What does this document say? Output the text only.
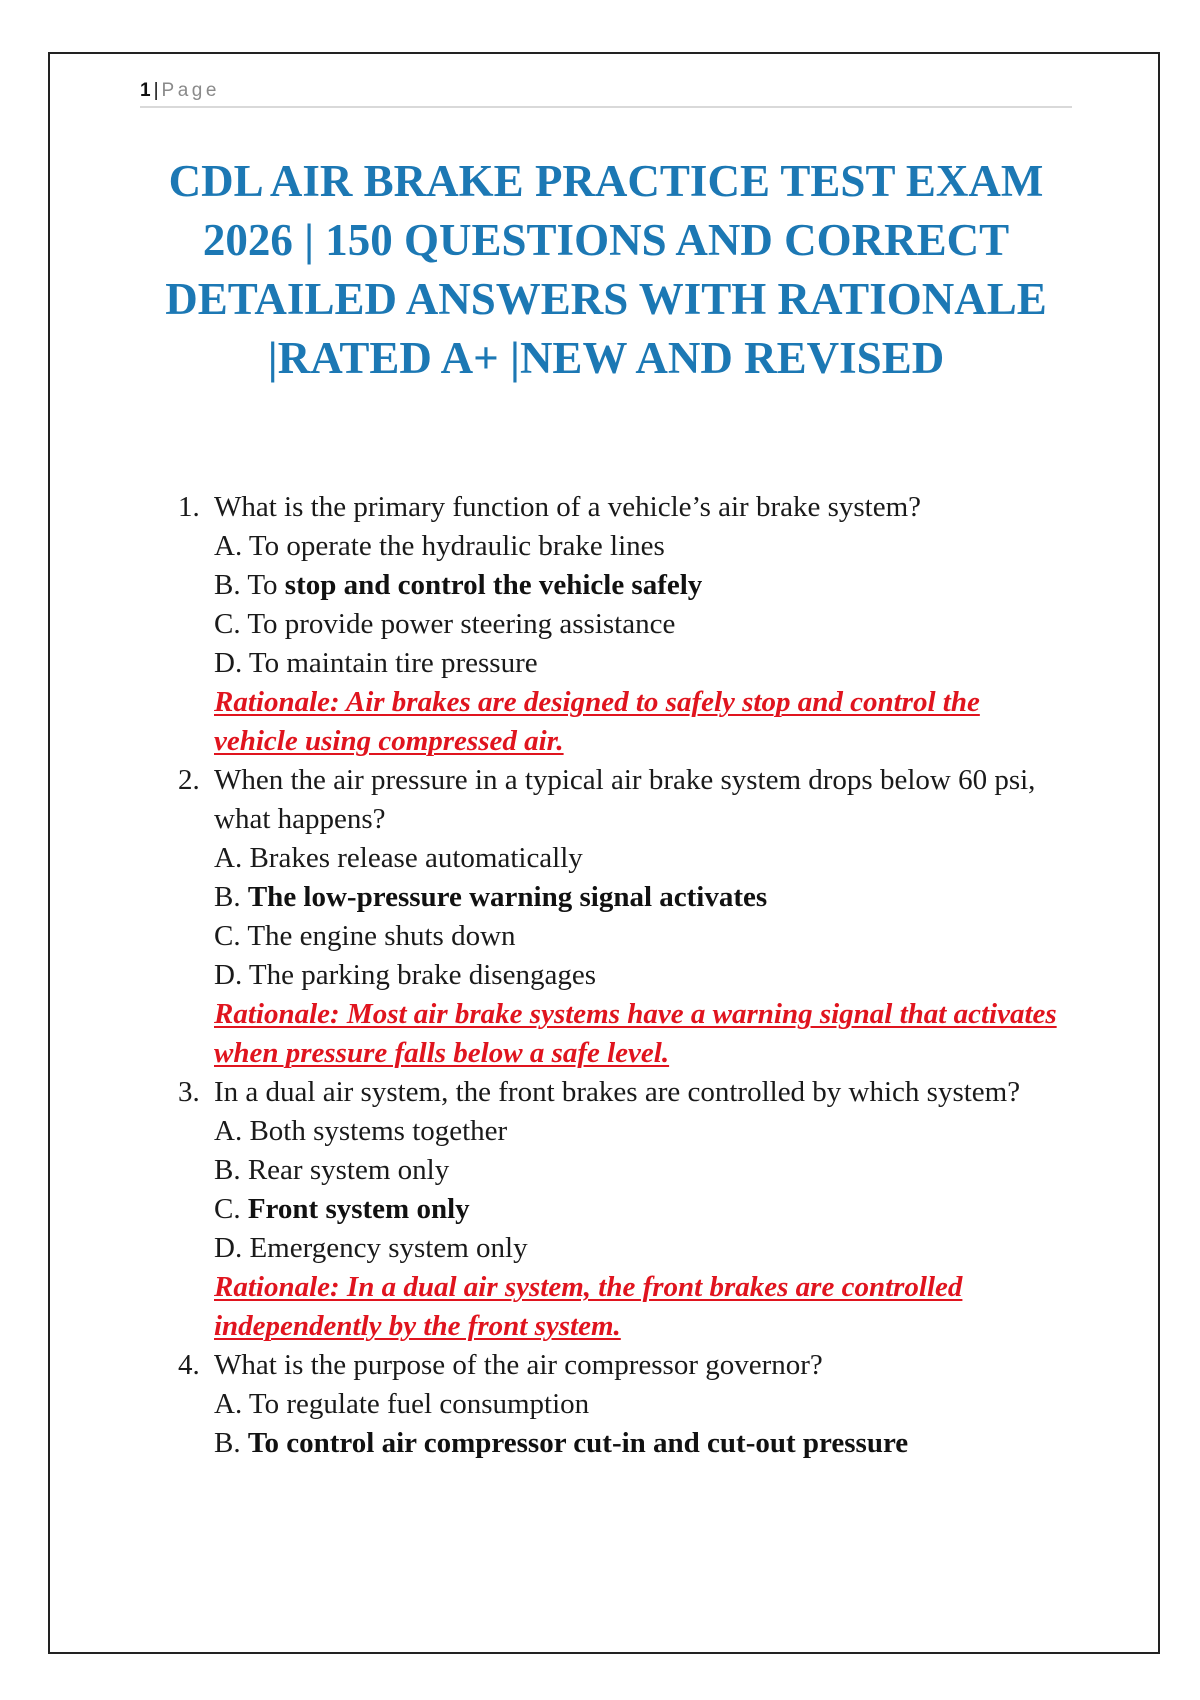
1 | Page
CDL AIR BRAKE PRACTICE TEST EXAM
2026 | 150 QUESTIONS AND CORRECT
DETAILED ANSWERS WITH RATIONALE
|RATED A+ |NEW AND REVISED
1. What is the primary function of a vehicle’s air brake system?
A. To operate the hydraulic brake lines
B. To stop and control the vehicle safely
C. To provide power steering assistance
D. To maintain tire pressure
Rationale: Air brakes are designed to safely stop and control the vehicle using compressed air.
2. When the air pressure in a typical air brake system drops below 60 psi, what happens?
A. Brakes release automatically
B. The low-pressure warning signal activates
C. The engine shuts down
D. The parking brake disengages
Rationale: Most air brake systems have a warning signal that activates when pressure falls below a safe level.
3. In a dual air system, the front brakes are controlled by which system?
A. Both systems together
B. Rear system only
C. Front system only
D. Emergency system only
Rationale: In a dual air system, the front brakes are controlled independently by the front system.
4. What is the purpose of the air compressor governor?
A. To regulate fuel consumption
B. To control air compressor cut-in and cut-out pressure
